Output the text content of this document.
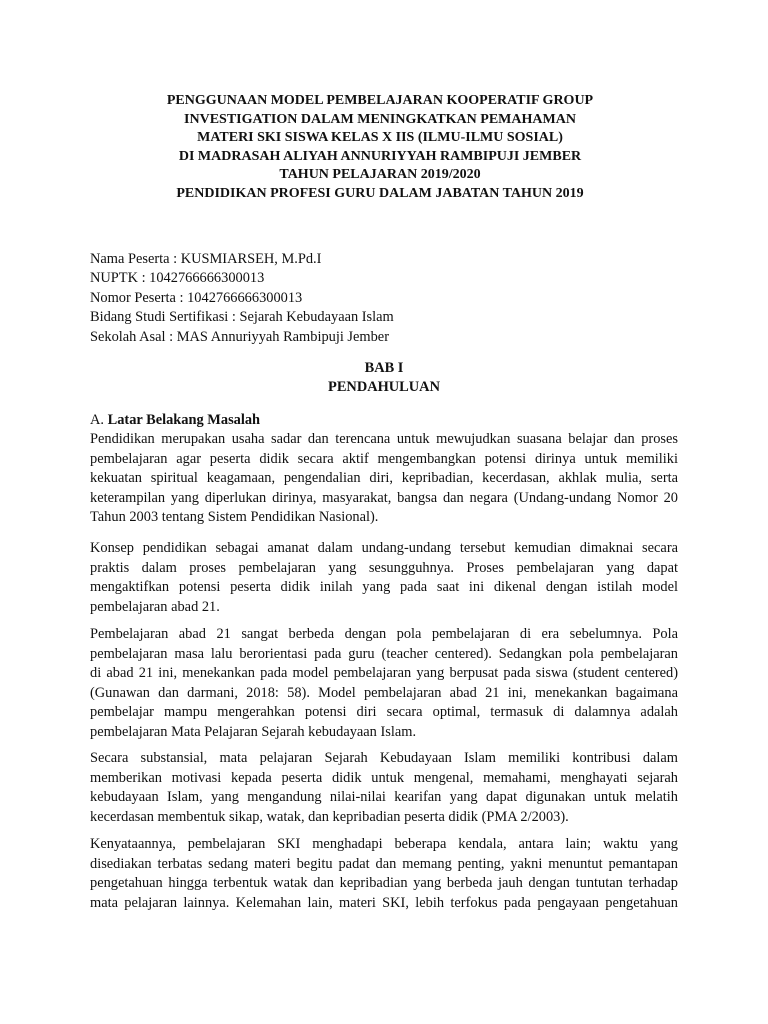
PENGGUNAAN MODEL PEMBELAJARAN KOOPERATIF GROUP
INVESTIGATION DALAM MENINGKATKAN PEMAHAMAN
MATERI SKI SISWA KELAS X IIS (ILMU-ILMU SOSIAL)
DI MADRASAH ALIYAH ANNURIYYAH RAMBIPUJI JEMBER
TAHUN PELAJARAN 2019/2020
PENDIDIKAN PROFESI GURU DALAM JABATAN TAHUN 2019
Nama Peserta : KUSMIARSEH, M.Pd.I
NUPTK : 1042766666300013
Nomor Peserta : 1042766666300013
Bidang Studi Sertifikasi : Sejarah Kebudayaan Islam
Sekolah Asal : MAS Annuriyyah Rambipuji Jember
BAB I
PENDAHULUAN
A. Latar Belakang Masalah
Pendidikan merupakan usaha sadar dan terencana untuk mewujudkan suasana belajar dan proses
pembelajaran agar peserta didik secara aktif mengembangkan potensi dirinya untuk memiliki
kekuatan spiritual keagamaan, pengendalian diri, kepribadian, kecerdasan, akhlak mulia, serta
keterampilan yang diperlukan dirinya, masyarakat, bangsa dan negara (Undang-undang Nomor 20
Tahun 2003 tentang Sistem Pendidikan Nasional).
Konsep pendidikan sebagai amanat dalam undang-undang tersebut kemudian dimaknai secara
praktis dalam proses pembelajaran yang sesungguhnya. Proses pembelajaran yang dapat
mengaktifkan potensi peserta didik inilah yang pada saat ini dikenal dengan istilah model
pembelajaran abad 21.
Pembelajaran abad 21 sangat berbeda dengan pola pembelajaran di era sebelumnya. Pola
pembelajaran masa lalu berorientasi pada guru (teacher centered). Sedangkan pola pembelajaran
di abad 21 ini, menekankan pada model pembelajaran yang berpusat pada siswa (student centered)
(Gunawan dan darmani, 2018: 58). Model pembelajaran abad 21 ini, menekankan bagaimana
pembelajar mampu mengerahkan potensi diri secara optimal, termasuk di dalamnya adalah
pembelajaran Mata Pelajaran Sejarah kebudayaan Islam.
Secara substansial, mata pelajaran Sejarah Kebudayaan Islam memiliki kontribusi dalam
memberikan motivasi kepada peserta didik untuk mengenal, memahami, menghayati sejarah
kebudayaan Islam, yang mengandung nilai-nilai kearifan yang dapat digunakan untuk melatih
kecerdasan membentuk sikap, watak, dan kepribadian peserta didik (PMA 2/2003).
Kenyataannya, pembelajaran SKI menghadapi beberapa kendala, antara lain; waktu yang
disediakan terbatas sedang materi begitu padat dan memang penting, yakni menuntut pemantapan
pengetahuan hingga terbentuk watak dan kepribadian yang berbeda jauh dengan tuntutan terhadap
mata pelajaran lainnya. Kelemahan lain, materi SKI, lebih terfokus pada pengayaan pengetahuan
